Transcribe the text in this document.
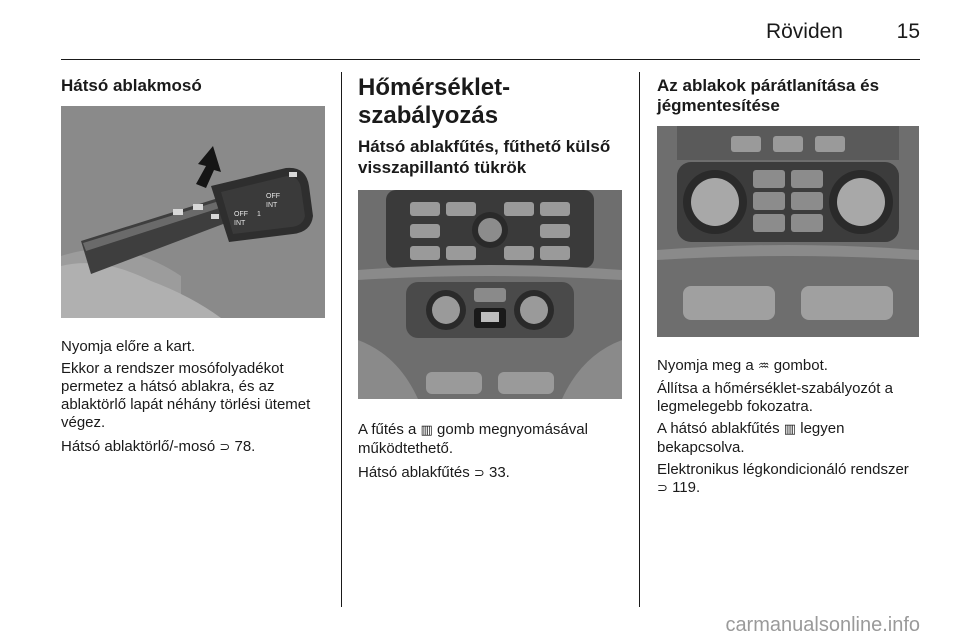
Röviden	15
Hátsó ablakmosó
OFF
INT
OFF
INT
1

Nyomja előre a kart.

Ekkor a rendszer mosófolyadékot permetez a hátsó ablakra, és az ablaktörlő lapát néhány törlési ütemet végez.

Hátsó ablaktörlő/-mosó ⊃ 78.

Hőmérséklet-szabályozás
Hátsó ablakfűtés, fűthető külső visszapillantó tükrök

A fűtés a ▥ gomb megnyomásával működtethető.

Hátsó ablakfűtés ⊃ 33.

Az ablakok párátlanítása és jégmentesítése

Nyomja meg a ♒ gombot.

Állítsa a hőmérséklet-szabályozót a legmelegebb fokozatra.

A hátsó ablakfűtés ▥ legyen bekapcsolva.

Elektronikus légkondicionáló rendszer ⊃ 119.

carmanualsonline.info
